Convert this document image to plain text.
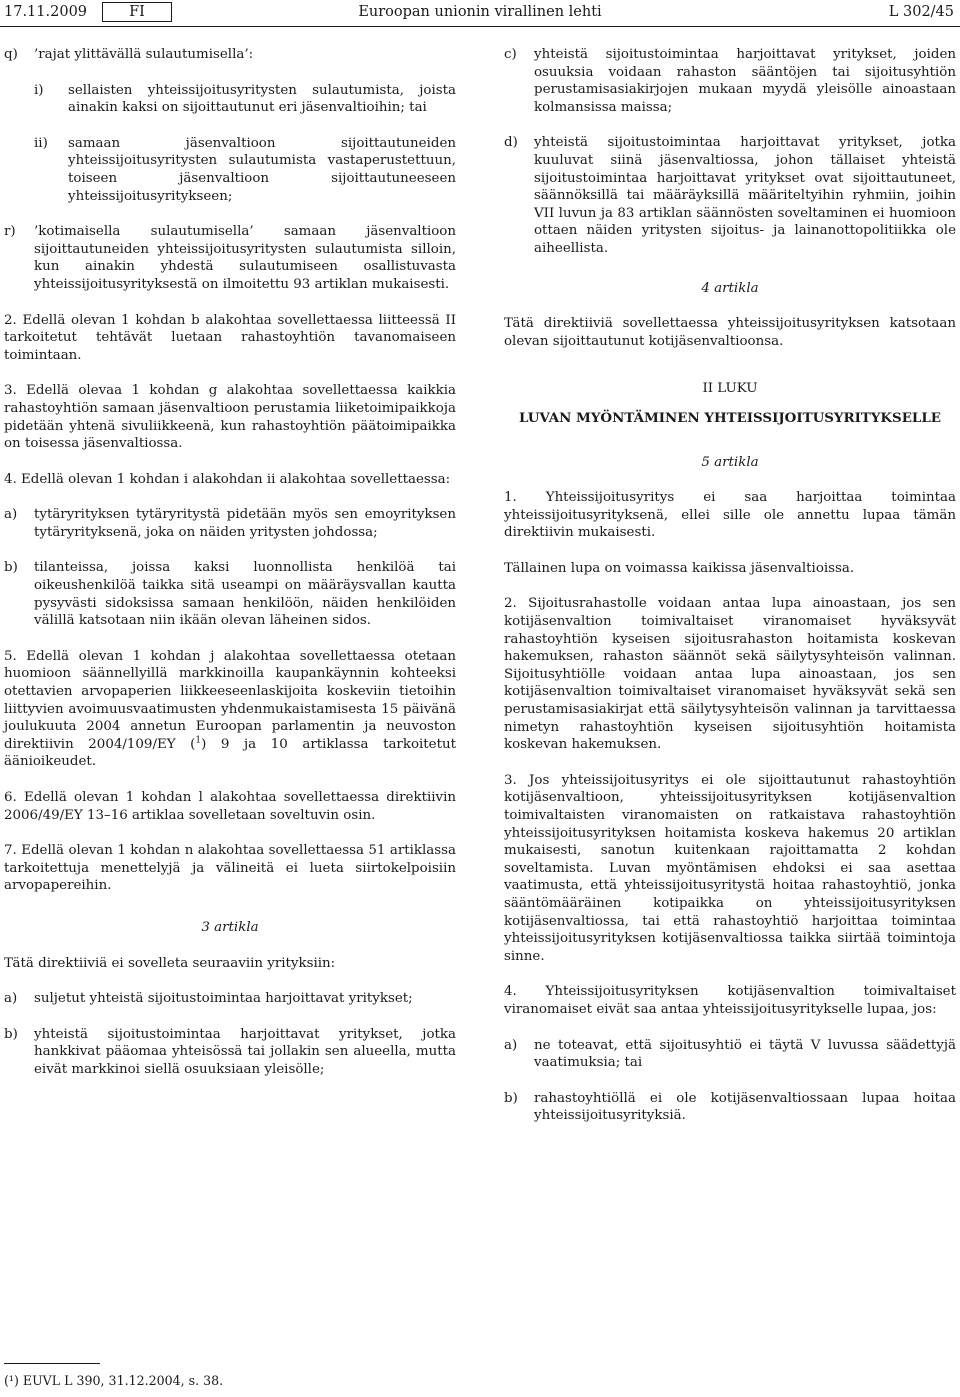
17.11.2009	FI	Euroopan unionin virallinen lehti	L 302/45
q)	’rajat ylittävällä sulautumisella’:
i)	sellaisten yhteissijoitusyritysten sulautumista, joista ainakin kaksi on sijoittautunut eri jäsenvaltioihin; tai
ii)	samaan jäsenvaltioon sijoittautuneiden yhteissijoitusyritysten sulautumista vastaperustettuun, toiseen jäsenvaltioon sijoittautuneeseen yhteissijoitusyritykseen;
r)	’kotimaisella sulautumisella’ samaan jäsenvaltioon sijoittautuneiden yhteissijoitusyritysten sulautumista silloin, kun ainakin yhdestä sulautumiseen osallistuvasta yhteissijoitusyrityksestä on ilmoitettu 93 artiklan mukaisesti.

2. Edellä olevan 1 kohdan b alakohtaa sovellettaessa liitteessä II tarkoitetut tehtävät luetaan rahastoyhtiön tavanomaiseen toimintaan.

3. Edellä olevaa 1 kohdan g alakohtaa sovellettaessa kaikkia rahastoyhtiön samaan jäsenvaltioon perustamia liiketoimipaikkoja pidetään yhtenä sivuliikkeenä, kun rahastoyhtiön päätoimipaikka on toisessa jäsenvaltiossa.

4. Edellä olevan 1 kohdan i alakohdan ii alakohtaa sovellettaessa:

a)	tytäryrityksen tytäryritystä pidetään myös sen emoyrityksen tytäryrityksenä, joka on näiden yritysten johdossa;
b)	tilanteissa, joissa kaksi luonnollista henkilöä tai oikeushenkilöä taikka sitä useampi on määräysvallan kautta pysyvästi sidoksissa samaan henkilöön, näiden henkilöiden välillä katsotaan niin ikään olevan läheinen sidos.

5. Edellä olevan 1 kohdan j alakohtaa sovellettaessa otetaan huomioon säännellyillä markkinoilla kaupankäynnin kohteeksi otettavien arvopaperien liikkeeseenlaskijoita koskeviin tietoihin liittyvien avoimuusvaatimusten yhdenmukaistamisesta 15 päivänä joulukuuta 2004 annetun Euroopan parlamentin ja neuvoston direktiivin 2004/109/EY ($^1$) 9 ja 10 artiklassa tarkoitetut äänioikeudet.

6. Edellä olevan 1 kohdan l alakohtaa sovellettaessa direktiivin 2006/49/EY 13–16 artiklaa sovelletaan soveltuvin osin.

7. Edellä olevan 1 kohdan n alakohtaa sovellettaessa 51 artiklassa tarkoitettuja menettelyjä ja välineitä ei lueta siirtokelpoisiin arvopapereihin.

3 artikla

Tätä direktiiviä ei sovelleta seuraaviin yrityksiin:

a)	suljetut yhteistä sijoitustoimintaa harjoittavat yritykset;
b)	yhteistä sijoitustoimintaa harjoittavat yritykset, jotka hankkivat pääomaa yhteisössä tai jollakin sen alueella, mutta eivät markkinoi siellä osuuksiaan yleisölle;
(¹) EUVL L 390, 31.12.2004, s. 38.
c)	yhteistä sijoitustoimintaa harjoittavat yritykset, joiden osuuksia voidaan rahaston sääntöjen tai sijoitusyhtiön perustamisasiakirjojen mukaan myydä yleisölle ainoastaan kolmansissa maissa;
d)	yhteistä sijoitustoimintaa harjoittavat yritykset, jotka kuuluvat siinä jäsenvaltiossa, johon tällaiset yhteistä sijoitustoimintaa harjoittavat yritykset ovat sijoittautuneet, säännöksillä tai määräyksillä määriteltyihin ryhmiin, joihin VII luvun ja 83 artiklan säännösten soveltaminen ei huomioon ottaen näiden yritysten sijoitus- ja lainanottopolitiikka ole aiheellista.

4 artikla

Tätä direktiiviä sovellettaessa yhteissijoitusyrityksen katsotaan olevan sijoittautunut kotijäsenvaltioonsa.

II LUKU

LUVAN MYÖNTÄMINEN YHTEISSIJOITUSYRITYKSELLE

5 artikla

1. Yhteissijoitusyritys ei saa harjoittaa toimintaa yhteissijoitusyrityksenä, ellei sille ole annettu lupaa tämän direktiivin mukaisesti.

Tällainen lupa on voimassa kaikissa jäsenvaltioissa.

2. Sijoitusrahastolle voidaan antaa lupa ainoastaan, jos sen kotijäsenvaltion toimivaltaiset viranomaiset hyväksyvät rahastoyhtiön kyseisen sijoitusrahaston hoitamista koskevan hakemuksen, rahaston säännöt sekä säilytysyhteisön valinnan. Sijoitusyhtiölle voidaan antaa lupa ainoastaan, jos sen kotijäsenvaltion toimivaltaiset viranomaiset hyväksyvät sekä sen perustamisasiakirjat että säilytysyhteisön valinnan ja tarvittaessa nimetyn rahastoyhtiön kyseisen sijoitusyhtiön hoitamista koskevan hakemuksen.

3. Jos yhteissijoitusyritys ei ole sijoittautunut rahastoyhtiön kotijäsenvaltioon, yhteissijoitusyrityksen kotijäsenvaltion toimivaltaisten viranomaisten on ratkaistava rahastoyhtiön yhteissijoitusyrityksen hoitamista koskeva hakemus 20 artiklan mukaisesti, sanotun kuitenkaan rajoittamatta 2 kohdan soveltamista. Luvan myöntämisen ehdoksi ei saa asettaa vaatimusta, että yhteissijoitusyritystä hoitaa rahastoyhtiö, jonka sääntömääräinen kotipaikka on yhteissijoitusyrityksen kotijäsenvaltiossa, tai että rahastoyhtiö harjoittaa toimintaa yhteissijoitusyrityksen kotijäsenvaltiossa taikka siirtää toimintoja sinne.

4. Yhteissijoitusyrityksen kotijäsenvaltion toimivaltaiset viranomaiset eivät saa antaa yhteissijoitusyritykselle lupaa, jos:

a)	ne toteavat, että sijoitusyhtiö ei täytä V luvussa säädettyjä vaatimuksia; tai
b)	rahastoyhtiöllä ei ole kotijäsenvaltiossaan lupaa hoitaa yhteissijoitusyrityksiä.
